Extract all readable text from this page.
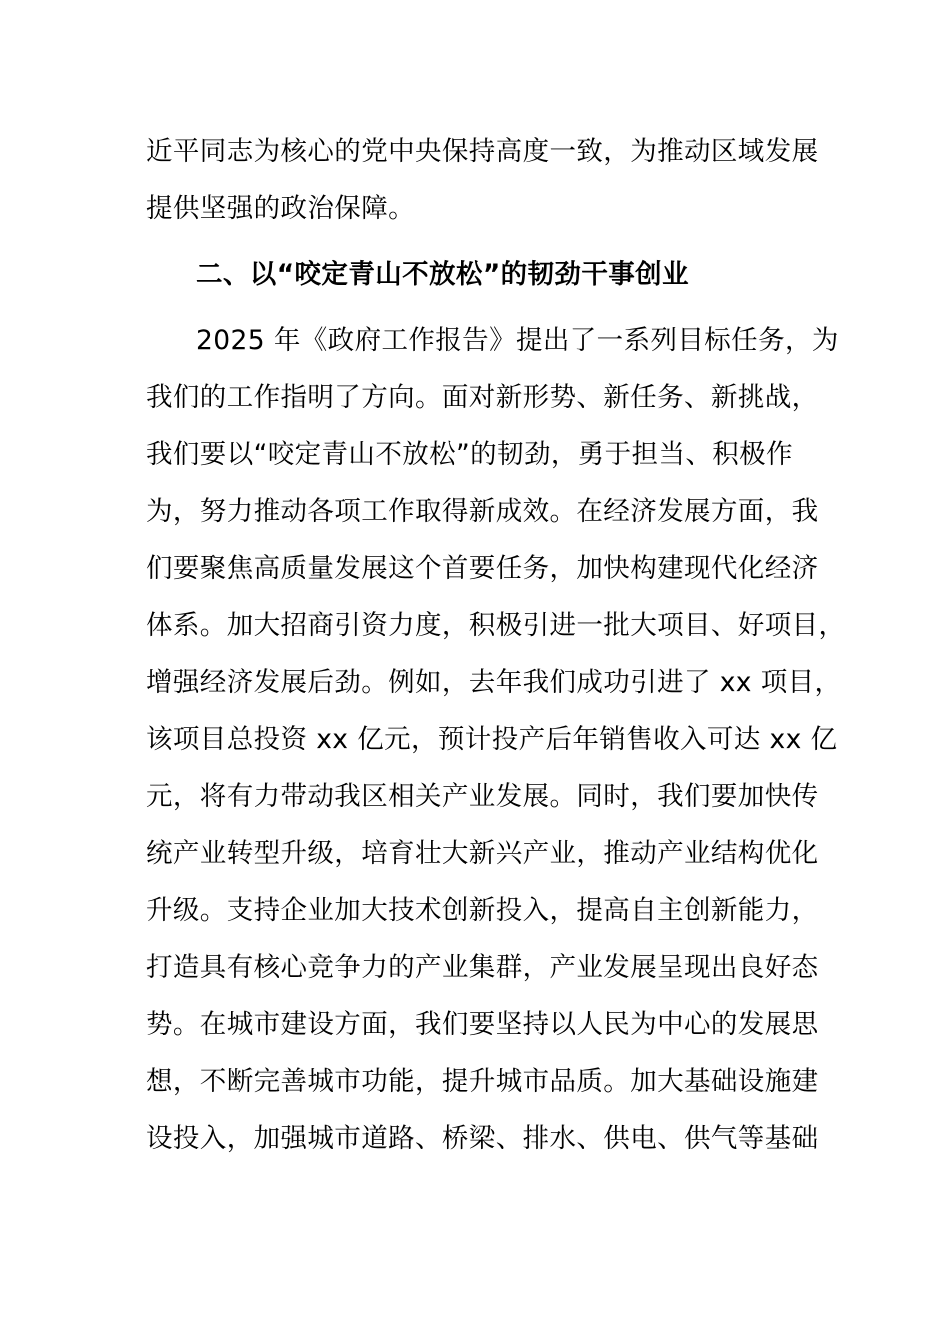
近平同志为核心的党中央保持高度一致，为推动区域发展
提供坚强的政治保障。
二、以“咬定青山不放松”的韧劲干事创业
2025 年《政府工作报告》提出了一系列目标任务，为
我们的工作指明了方向。面对新形势、新任务、新挑战，
我们要以“咬定青山不放松”的韧劲，勇于担当、积极作
为，努力推动各项工作取得新成效。在经济发展方面，我
们要聚焦高质量发展这个首要任务，加快构建现代化经济
体系。加大招商引资力度，积极引进一批大项目、好项目，
增强经济发展后劲。例如，去年我们成功引进了 xx 项目，
该项目总投资 xx 亿元，预计投产后年销售收入可达 xx 亿
元，将有力带动我区相关产业发展。同时，我们要加快传
统产业转型升级，培育壮大新兴产业，推动产业结构优化
升级。支持企业加大技术创新投入，提高自主创新能力，
打造具有核心竞争力的产业集群，产业发展呈现出良好态
势。在城市建设方面，我们要坚持以人民为中心的发展思
想，不断完善城市功能，提升城市品质。加大基础设施建
设投入，加强城市道路、桥梁、排水、供电、供气等基础
